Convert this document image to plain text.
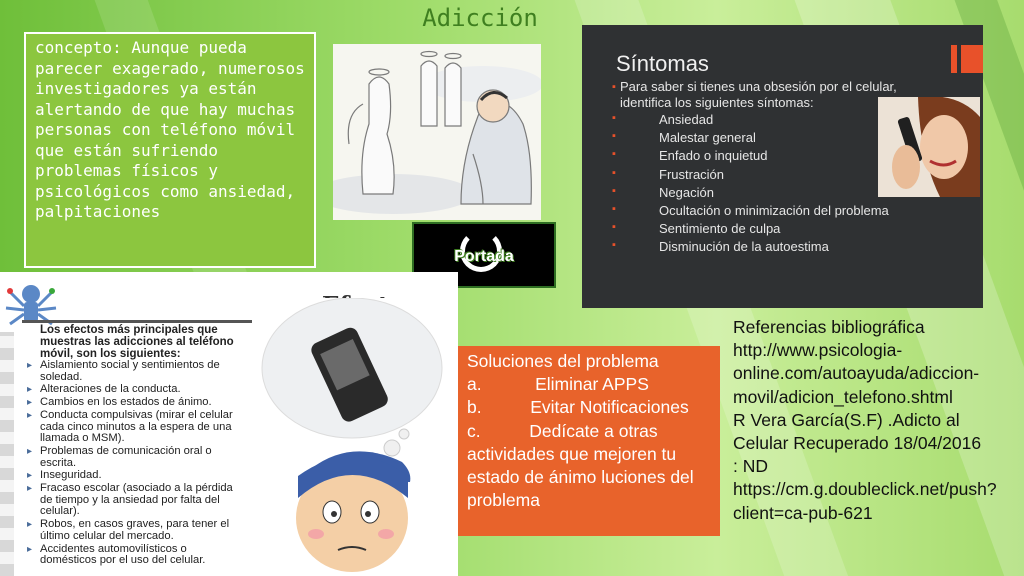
Adicción
concepto: Aunque pueda parecer exagerado, numerosos investigadores ya están alertando de que hay muchas personas con teléfono móvil que están sufriendo problemas físicos y psicológicos como ansiedad, palpitaciones
Portada
Síntomas
▪ Para saber si tienes una obsesión por el celular, identifica los siguientes síntomas:
▪	Ansiedad
▪	Malestar general
▪	Enfado o inquietud
▪	Frustración
▪	Negación
▪	Ocultación o minimización del problema
▪	Sentimiento de culpa
▪	Disminución de la autoestima
Los efectos más principales que muestras las adicciones al teléfono móvil, son los siguientes:
▸ Aislamiento social y sentimientos de soledad.
▸ Alteraciones de la conducta.
▸ Cambios en los estados de ánimo.
▸ Conducta compulsivas (mirar el celular cada cinco minutos a la espera de una llamada o MSM).
▸ Problemas de comunicación oral o escrita.
▸ Inseguridad.
▸ Fracaso escolar (asociado a la pérdida de tiempo y la ansiedad por falta del celular).
▸ Robos, en casos graves, para tener el último celular del mercado.
▸ Accidentes automovilísticos o domésticos por el uso del celular.
Soluciones del problema
a.           Eliminar APPS
b.          Evitar Notificaciones
c.          Dedícate a otras actividades que mejoren tu estado de ánimo luciones del problema
Referencias bibliográfica
http://www.psicologia-online.com/autoayuda/adiccion-movil/adicion_telefono.shtml
R Vera García(S.F) .Adicto al Celular Recuperado 18/04/2016
: ND
https://cm.g.doubleclick.net/push?client=ca-pub-621
